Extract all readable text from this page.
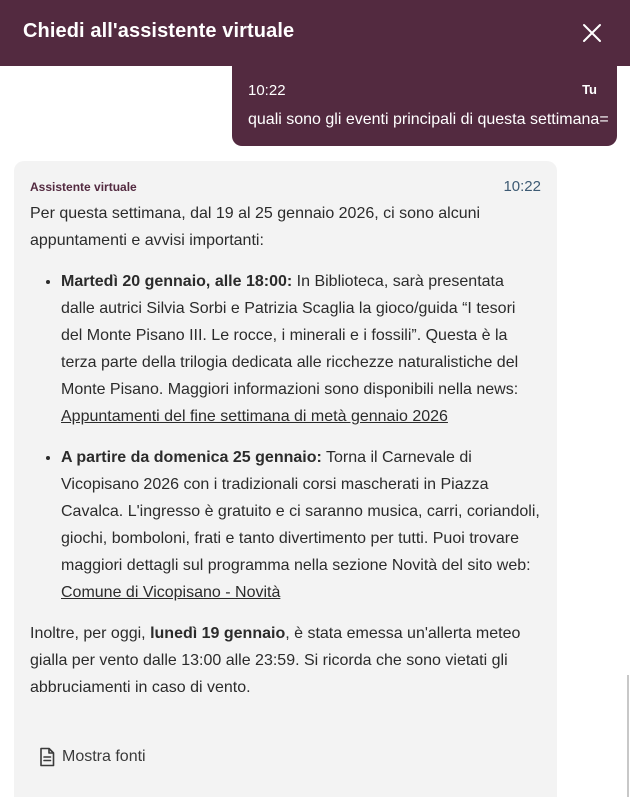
Chiedi all'assistente virtuale
10:22	Tu
quali sono gli eventi principali di questa settimana=
Assistente virtuale	10:22

Per questa settimana, dal 19 al 25 gennaio 2026, ci sono alcuni appuntamenti e avvisi importanti:

• Martedì 20 gennaio, alle 18:00: In Biblioteca, sarà presentata dalle autrici Silvia Sorbi e Patrizia Scaglia la gioco/guida “I tesori del Monte Pisano III. Le rocce, i minerali e i fossili”. Questa è la terza parte della trilogia dedicata alle ricchezze naturalistiche del Monte Pisano. Maggiori informazioni sono disponibili nella news: Appuntamenti del fine settimana di metà gennaio 2026
• A partire da domenica 25 gennaio: Torna il Carnevale di Vicopisano 2026 con i tradizionali corsi mascherati in Piazza Cavalca. L'ingresso è gratuito e ci saranno musica, carri, coriandoli, giochi, bomboloni, frati e tanto divertimento per tutti. Puoi trovare maggiori dettagli sul programma nella sezione Novità del sito web: Comune di Vicopisano - Novità

Inoltre, per oggi, lunedì 19 gennaio, è stata emessa un'allerta meteo gialla per vento dalle 13:00 alle 23:59. Si ricorda che sono vietati gli abbruciamenti in caso di vento.

Mostra fonti
